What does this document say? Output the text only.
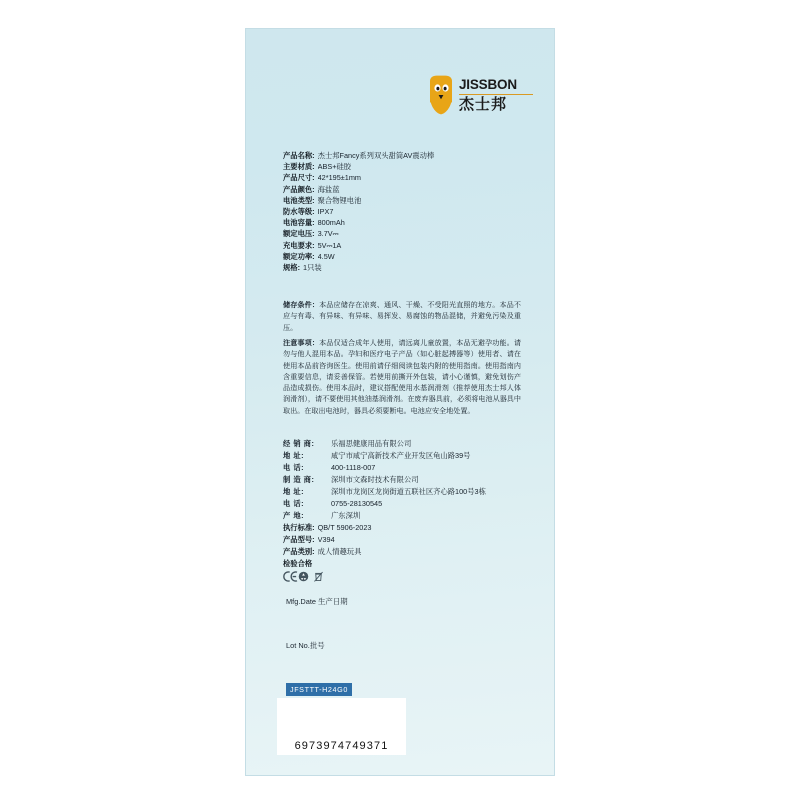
JISSBON
杰士邦
产品名称: 杰士邦Fancy系列双头甜筒AV震动棒
主要材质: ABS+硅胶
产品尺寸: 42*195±1mm
产品颜色: 海盐蓝
电池类型: 聚合物锂电池
防水等级: IPX7
电池容量: 800mAh
额定电压: 3.7V⎓
充电要求: 5V⎓1A
额定功率: 4.5W
规格: 1只装
储存条件：本品应储存在凉爽、通风、干燥、不受阳光直照的地方。本品不应与有毒、有异味、有异味、易挥发、易腐蚀的物品混储，并避免污染及重压。
注意事项：本品仅适合成年人使用，请远离儿童放置，本品无避孕功能。请勿与他人混用本品。孕妇和医疗电子产品（如心脏起搏器等）使用者、请在使用本品前咨询医生。使用前请仔细阅读包装内附的使用指南。使用指南内含重要信息，请妥善保管。若使用前撕开外包装，请小心谨慎，避免划伤产品造成损伤。使用本品时，建议搭配使用水基润滑剂（推荐使用杰士邦人体润滑剂），请不要使用其他油基润滑剂。在废弃器具前，必须将电池从器具中取出。在取出电池时，器具必须要断电。电池应安全地处置。
经 销 商:	乐福思健康用品有限公司
地 址:	咸宁市咸宁高新技术产业开发区龟山路39号
电 话:	400-1118-007
制 造 商:	深圳市文森时技术有限公司
地 址:	深圳市龙岗区龙岗街道五联社区齐心路100号3栋
电 话:	0755-28130545
产 地:	广东深圳
执行标准: QB/T 5906-2023
产品型号: V394
产品类别: 成人情趣玩具
检验合格
Mfg.Date 生产日期
Lot No.批号
JFSTTT-H24G0
6973974749371
